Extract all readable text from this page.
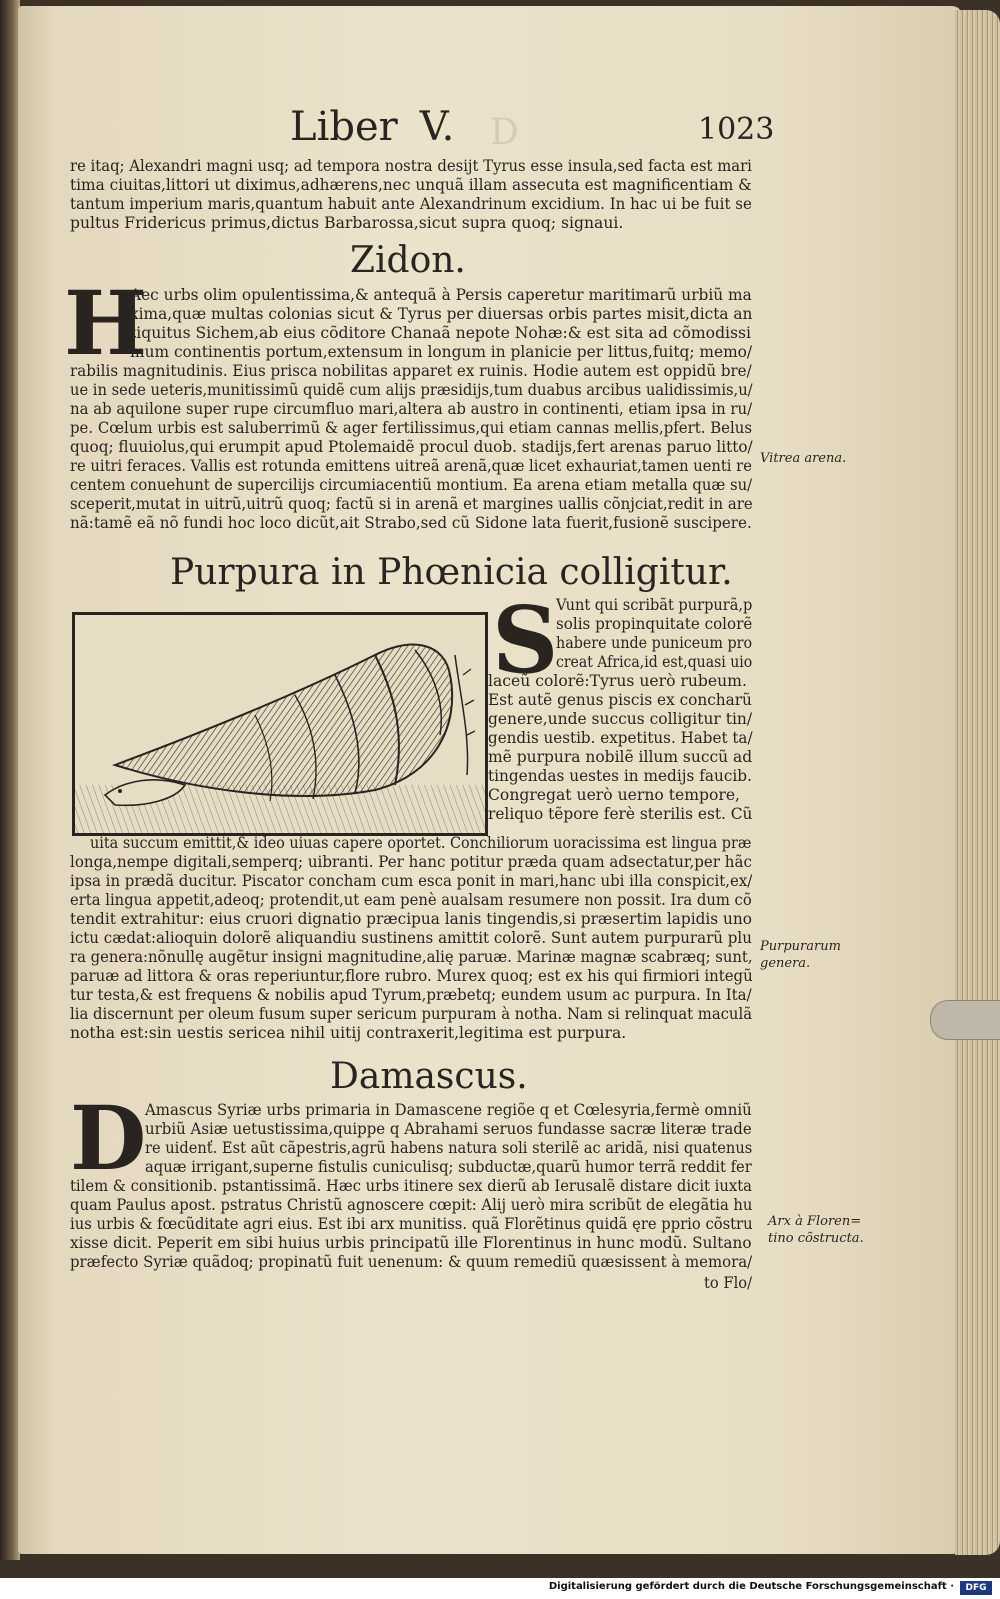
Liber V. D	1023
re itaq; Alexandri magni usq; ad tempora nostra desijt Tyrus esse insula,sed facta est mari
tima ciuitas,littori ut diximus,adhærens,nec unquã illam assecuta est magnificentiam &
tantum imperium maris,quantum habuit ante Alexandrinum excidium. In hac ui be fuit se
pultus Fridericus primus,dictus Barbarossa,sicut supra quoq; signaui.
Zidon.
H
Aec urbs olim opulentissima,& antequã à Persis caperetur maritimarũ urbiũ ma
xima,quæ multas colonias sicut & Tyrus per diuersas orbis partes misit,dicta an
tiquitus Sichem,ab eius cõditore Chanaã nepote Nohæ:& est sita ad cõmodissi
mum continentis portum,extensum in longum in planicie per littus,fuitq; memo/
rabilis magnitudinis. Eius prisca nobilitas apparet ex ruinis. Hodie autem est oppidũ bre/
ue in sede ueteris,munitissimũ quidẽ cum alijs præsidijs,tum duabus arcibus ualidissimis,u/
na ab aquilone super rupe circumfluo mari,altera ab austro in continenti, etiam ipsa in ru/
pe. Cœlum urbis est saluberrimũ & ager fertilissimus,qui etiam cannas mellis,pfert. Belus
quoq; fluuiolus,qui erumpit apud Ptolemaidẽ procul duob. stadijs,fert arenas paruo litto/
re uitri feraces. Vallis est rotunda emittens uitreã arenã,quæ licet exhauriat,tamen uenti re
centem conuehunt de supercilijs circumiacentiũ montium. Ea arena etiam metalla quæ su/
sceperit,mutat in uitrũ,uitrũ quoq; factũ si in arenã et margines uallis cõnjciat,redit in are
nã:tamẽ eã nõ fundi hoc loco dicũt,ait Strabo,sed cũ Sidone lata fuerit,fusionẽ suscipere.
Vitrea arena.
Purpura in Phœnicia colligitur.
S
Vunt qui scribãt purpurã,p
solis propinquitate colorẽ
habere unde puniceum pro
creat Africa,id est,quasi uio
laceũ colorẽ:Tyrus uerò rubeum.
Est autẽ genus piscis ex concharũ
genere,unde succus colligitur tin/
gendis uestib. expetitus. Habet ta/
mẽ purpura nobilẽ illum succũ ad
tingendas uestes in medijs faucib.
Congregat uerò uerno tempore,
reliquo tẽpore ferè sterilis est. Cũ
uita succum emittit,& ideo uiuas capere oportet. Conchiliorum uoracissima est lingua præ
longa,nempe digitali,semperq; uibranti. Per hanc potitur præda quam adsectatur,per hãc
ipsa in prædã ducitur. Piscator concham cum esca ponit in mari,hanc ubi illa conspicit,ex/
erta lingua appetit,adeoq; protendit,ut eam penè aualsam resumere non possit. Ira dum cõ
tendit extrahitur: eius cruori dignatio præcipua lanis tingendis,si præsertim lapidis uno
ictu cædat:alioquin dolorẽ aliquandiu sustinens amittit colorẽ. Sunt autem purpurarũ plu
ra genera:nõnullę augẽtur insigni magnitudine,alię paruæ. Marinæ magnæ scabræq; sunt,
paruæ ad littora & oras reperiuntur,flore rubro. Murex quoq; est ex his qui firmiori integũ
tur testa,& est frequens & nobilis apud Tyrum,præbetq; eundem usum ac purpura. In Ita/
lia discernunt per oleum fusum super sericum purpuram à notha. Nam si relinquat maculã
notha est:sin uestis sericea nihil uitij contraxerit,legitima est purpura.
Purpurarum
genera.
Damascus.
D
Amascus Syriæ urbs primaria in Damascene regiõe q et Cœlesyria,fermè omniũ
urbiũ Asiæ uetustissima,quippe q Abrahami seruos fundasse sacræ literæ trade
re uidenť. Est aũt cãpestris,agrũ habens natura soli sterilẽ ac aridã, nisi quatenus
aquæ irrigant,superne fistulis cuniculisq; subductæ,quarũ humor terrã reddit fer
tilem & consitionib. pstantissimã. Hæc urbs itinere sex dierũ ab Ierusalẽ distare dicit iuxta
quam Paulus apost. pstratus Christũ agnoscere cœpit: Alij uerò mira scribũt de elegãtia hu
ius urbis & fœcũditate agri eius. Est ibi arx munitiss. quã Florẽtinus quidã ęre pprio cõstru
xisse dicit. Peperit em sibi huius urbis principatũ ille Florentinus in hunc modũ. Sultano
præfecto Syriæ quãdoq; propinatũ fuit uenenum: & quum remediũ quæsissent à memora/
to Flo/
Arx à Floren=
tino cõstructa.
Digitalisierung gefördert durch die Deutsche Forschungsgemeinschaft ·	DFG
